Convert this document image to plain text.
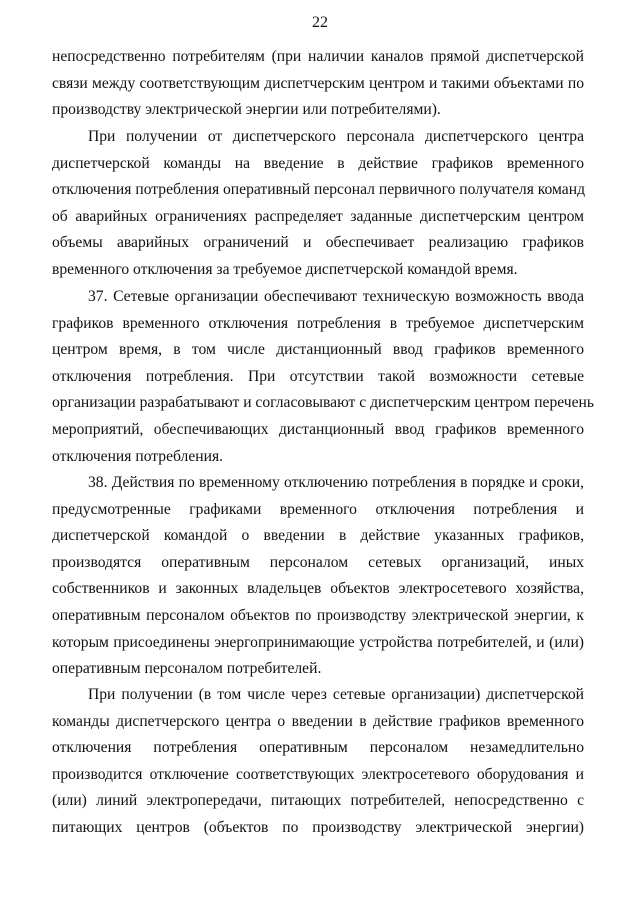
22
непосредственно потребителям (при наличии каналов прямой диспетчерской
связи между соответствующим диспетчерским центром и такими объектами по
производству электрической энергии или потребителями).
При получении от диспетчерского персонала диспетчерского центра
диспетчерской команды на введение в действие графиков временного
отключения потребления оперативный персонал первичного получателя команд
об аварийных ограничениях распределяет заданные диспетчерским центром
объемы аварийных ограничений и обеспечивает реализацию графиков
временного отключения за требуемое диспетчерской командой время.
37. Сетевые организации обеспечивают техническую возможность ввода
графиков временного отключения потребления в требуемое диспетчерским
центром время, в том числе дистанционный ввод графиков временного
отключения потребления. При отсутствии такой возможности сетевые
организации разрабатывают и согласовывают с диспетчерским центром перечень
мероприятий, обеспечивающих дистанционный ввод графиков временного
отключения потребления.
38. Действия по временному отключению потребления в порядке и сроки,
предусмотренные графиками временного отключения потребления и
диспетчерской командой о введении в действие указанных графиков,
производятся оперативным персоналом сетевых организаций, иных
собственников и законных владельцев объектов электросетевого хозяйства,
оперативным персоналом объектов по производству электрической энергии, к
которым присоединены энергопринимающие устройства потребителей, и (или)
оперативным персоналом потребителей.
При получении (в том числе через сетевые организации) диспетчерской
команды диспетчерского центра о введении в действие графиков временного
отключения потребления оперативным персоналом незамедлительно
производится отключение соответствующих электросетевого оборудования и
(или) линий электропередачи, питающих потребителей, непосредственно с
питающих центров (объектов по производству электрической энергии)
